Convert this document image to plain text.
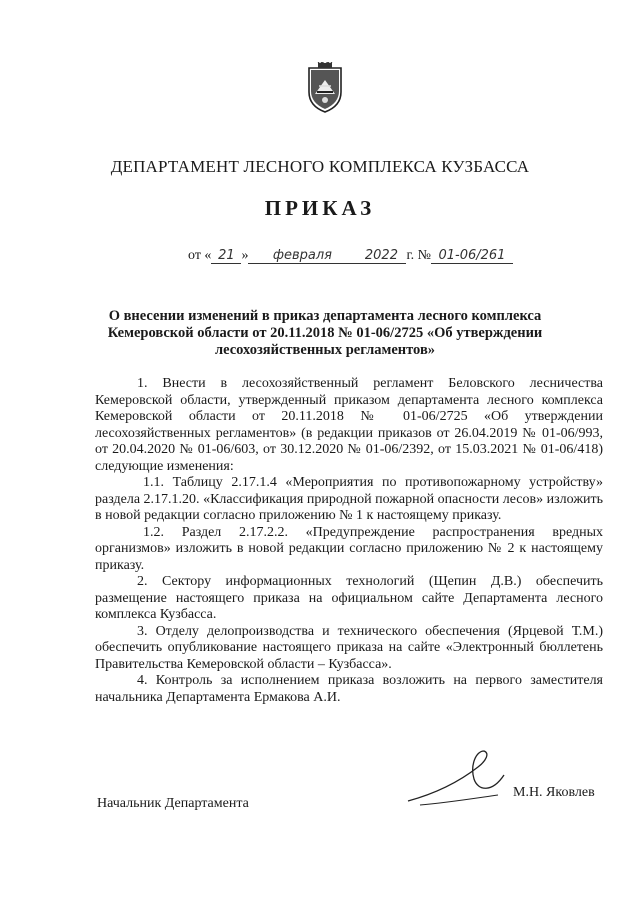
ДЕПАРТАМЕНТ ЛЕСНОГО КОМПЛЕКСА КУЗБАССА
ПРИКАЗ
от « 21 » февраля	2022 г. № 01-06/261
О внесении изменений в приказ департамента лесного комплекса Кемеровской области от 20.11.2018 № 01-06/2725 «Об утверждении лесохозяйственных регламентов»

1. Внести в лесохозяйственный регламент Беловского лесничества Кемеровской области, утвержденный приказом департамента лесного комплекса Кемеровской области от 20.11.2018 № 01-06/2725 «Об утверждении лесохозяйственных регламентов» (в редакции приказов от 26.04.2019 № 01-06/993, от 20.04.2020 № 01-06/603, от 30.12.2020 № 01-06/2392, от 15.03.2021 № 01-06/418) следующие изменения:

1.1. Таблицу 2.17.1.4 «Мероприятия по противопожарному устройству» раздела 2.17.1.20. «Классификация природной пожарной опасности лесов» изложить в новой редакции согласно приложению № 1 к настоящему приказу.

1.2. Раздел 2.17.2.2. «Предупреждение распространения вредных организмов» изложить в новой редакции согласно приложению № 2 к настоящему приказу.

2. Сектору информационных технологий (Щепин Д.В.) обеспечить размещение настоящего приказа на официальном сайте Департамента лесного комплекса Кузбасса.

3. Отделу делопроизводства и технического обеспечения (Ярцевой Т.М.) обеспечить опубликование настоящего приказа на сайте «Электронный бюллетень Правительства Кемеровской области – Кузбасса».

4. Контроль за исполнением приказа возложить на первого заместителя начальника Департамента Ермакова А.И.

Начальник Департамента
М.Н. Яковлев
